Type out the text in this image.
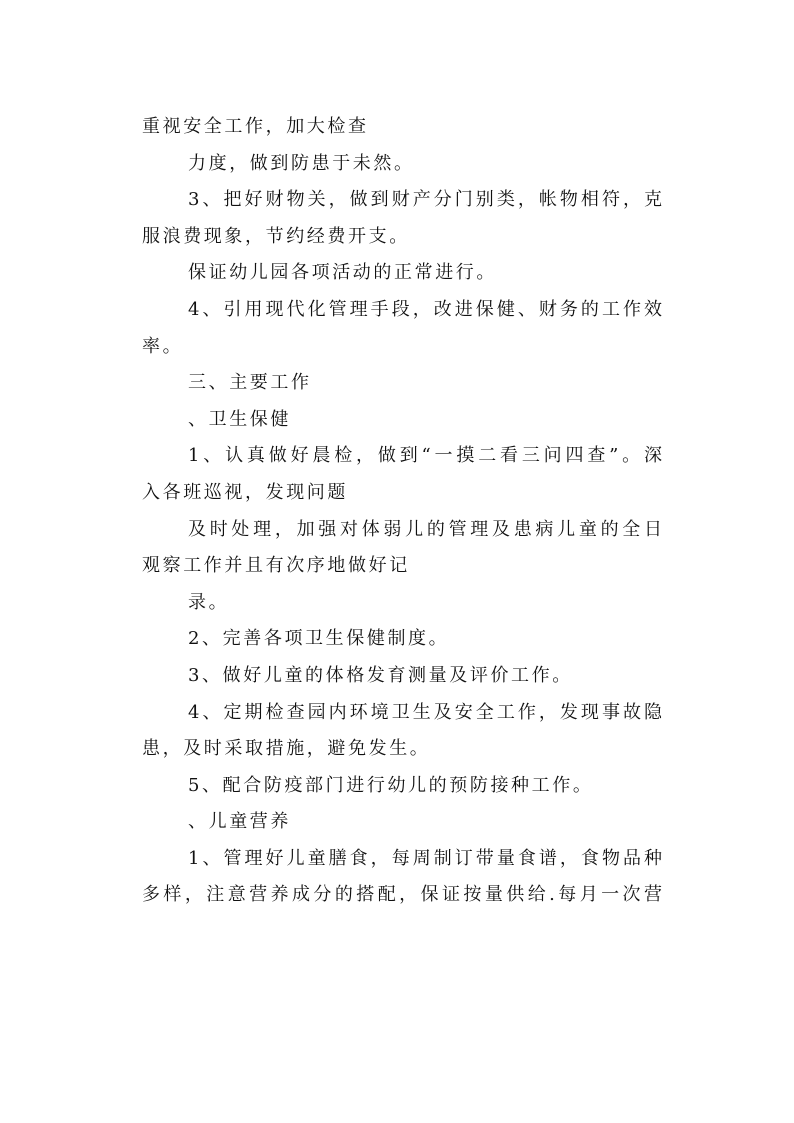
重视安全工作，加大检查
力度，做到防患于未然。
3、把好财物关，做到财产分门别类，帐物相符，克
服浪费现象，节约经费开支。
保证幼儿园各项活动的正常进行。
4、引用现代化管理手段，改进保健、财务的工作效
率。
三、主要工作
、卫生保健
1、认真做好晨检，做到“一摸二看三问四查”。深
入各班巡视，发现问题
及时处理，加强对体弱儿的管理及患病儿童的全日
观察工作并且有次序地做好记
录。
2、完善各项卫生保健制度。
3、做好儿童的体格发育测量及评价工作。
4、定期检查园内环境卫生及安全工作，发现事故隐
患，及时采取措施，避免发生。
5、配合防疫部门进行幼儿的预防接种工作。
、儿童营养
1、管理好儿童膳食，每周制订带量食谱，食物品种
多样，注意营养成分的搭配，保证按量供给.每月一次营
